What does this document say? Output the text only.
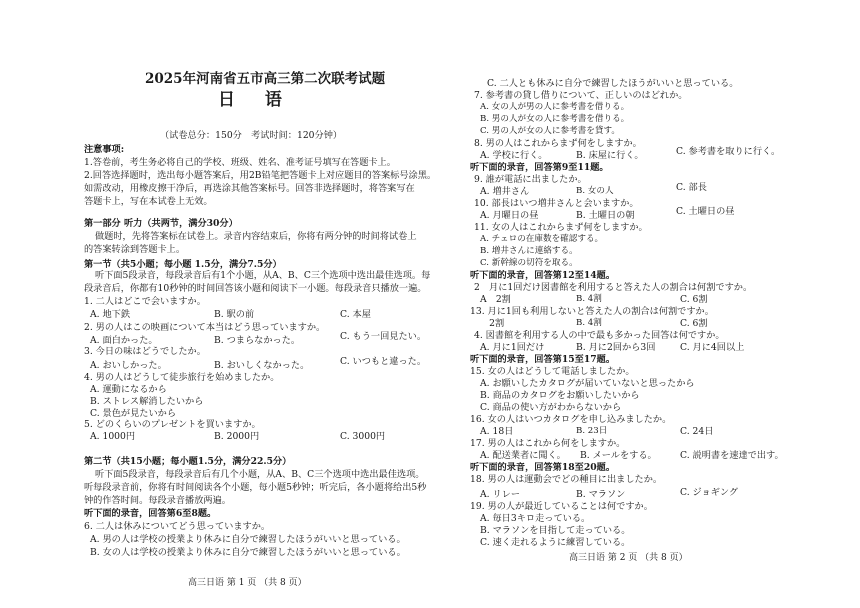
2025年河南省五市高三第二次联考试题
日 语
（试卷总分：150分　考试时间：120分钟）
注意事项:
1.答卷前，考生务必将自己的学校、班级、姓名、准考证号填写在答题卡上。
2.回答选择题时，选出每小题答案后，用2B铅笔把答题卡上对应题目的答案标号涂黑。
如需改动，用橡皮擦干净后，再选涂其他答案标号。回答非选择题时，将答案写在
答题卡上，写在本试卷上无效。
第一部分 听力（共两节，满分30分）
做题时，先将答案标在试卷上。录音内容结束后，你将有两分钟的时间将试卷上
的答案转涂到答题卡上。
第一节（共5小题；每小题 1.5分，满分7.5分）
听下面5段录音，每段录音后有1个小题，从A、B、C三个选项中选出最佳选项。每
段录音后，你都有10秒钟的时间回答该小题和阅读下一小题。每段录音只播放一遍。
1. 二人はどこで会いますか。
A. 地下鉄	B. 駅の前	C. 本屋
2. 男の人はこの映画について本当はどう思っていますか。
A. 面白かった。	B. つまらなかった。	C. もう一回見たい。
3. 今日の味はどうでしたか。
A. おいしかった。	B. おいしくなかった。	C. いつもと違った。
4. 男の人はどうして徒歩旅行を始めましたか。
A. 運動になるから
B. ストレス解消したいから
C. 景色が見たいから
5. どのくらいのプレゼントを買いますか。
A. 1000円	B. 2000円	C. 3000円
第二节（共15小题；每小题1.5分，满分22.5分）
听下面5段录音，每段录音后有几个小题，从A、B、C三个选项中选出最佳选项。
听每段录音前，你将有时间阅读各个小题，每小题5秒钟；听完后，各小题将给出5秒
钟的作答时间。每段录音播放两遍。
听下面的录音，回答第6至8题。
6. 二人は休みについてどう思っていますか。
A. 男の人は学校の授業より休みに自分で練習したほうがいいと思っている。
B. 女の人は学校の授業より休みに自分で練習したほうがいいと思っている。
高三日语 第 1 页 （共 8 页）
C. 二人とも休みに自分で練習したほうがいいと思っている。
7. 参考書の貸し借りについて、正しいのはどれか。
A. 女の人が男の人に参考書を借りる。
B. 男の人が女の人に参考書を借りる。
C. 男の人が女の人に参考書を貸す。
8. 男の人はこれからまず何をしますか。
A. 学校に行く。	B. 床屋に行く。	C. 参考書を取りに行く。
听下面的录音，回答第9至11题。
9. 誰が電話に出ましたか。
A. 増井さん	B. 女の人	C. 部長
10. 部長はいつ増井さんと会いますか。
A. 月曜日の昼	B. 土曜日の朝	C. 土曜日の昼
11. 女の人はこれからまず何をしますか。
A. チェロの在庫数を確認する。
B. 増井さんに連絡する。
C. 新幹線の切符を取る。
听下面的录音，回答第12至14题。
2　月に1回だけ図書館を利用すると答えた人の割合は何割ですか。
A　2割	B. 4割	C. 6割
13. 月に1回も利用しないと答えた人の割合は何割ですか。
　2割	B. 4割	C. 6割
4. 図書館を利用する人の中で最も多かった回答は何ですか。
A. 月に1回だけ	B. 月に2回から3回	C. 月に4回以上
听下面的录音，回答第15至17题。
15. 女の人はどうして電話しましたか。
A. お願いしたカタログが届いていないと思ったから
B. 商品のカタログをお願いしたいから
C. 商品の使い方がわからないから
16. 女の人はいつカタログを申し込みましたか。
A. 18日	B. 23日	C. 24日
17. 男の人はこれから何をしますか。
A. 配送業者に聞く。 B. メールをする。	C. 説明書を速達で出す。
听下面的录音，回答第18至20题。
18. 男の人は運動会でどの種目に出ましたか。
A. リレー	B. マラソン	C. ジョギング
19. 男の人が最近していることは何ですか。
A. 毎日3キロ走っている。
B. マラソンを目指して走っている。
C. 速く走れるように練習している。
高三日语 第 2 页 （共 8 页）
